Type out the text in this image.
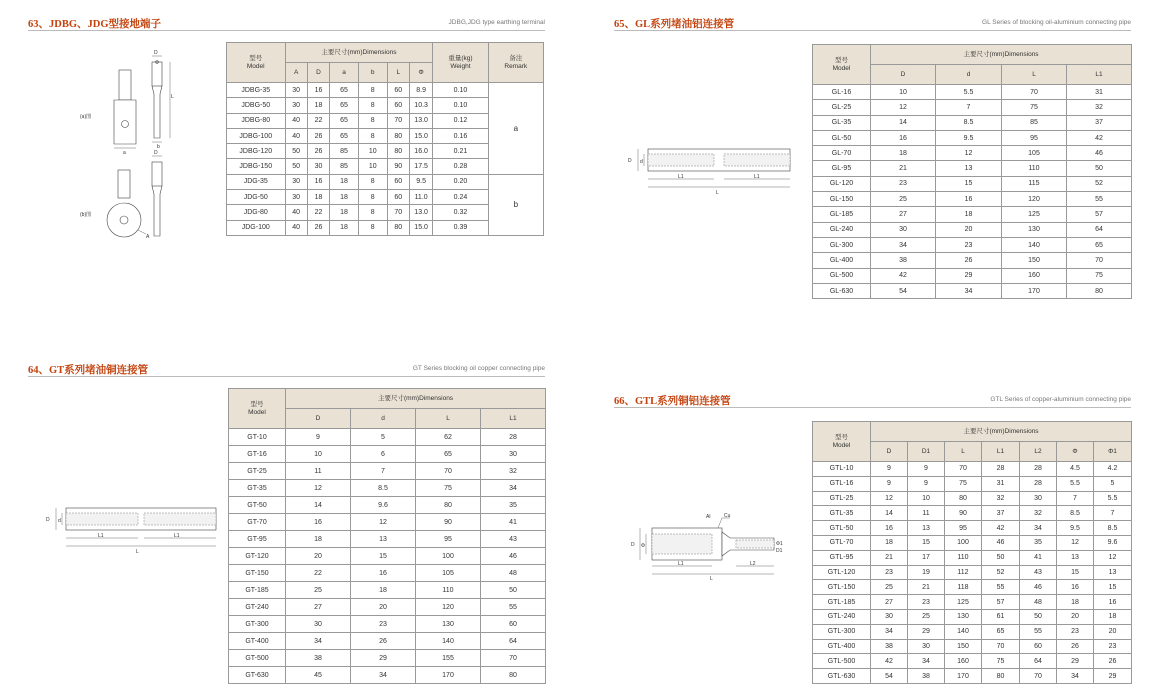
63、JDBG、JDG型接地端子	JDBG,JDG type earthing terminal
D
Φ
L
b
a
(a)图
A
D
(b)图
型号
Model	主要尺寸(mm)Dimensions						重量(kg)
Weight	备注
Remark
	A	D	a	b	L	Φ		
JDBG-35	30	16	65	8	60	8.9	0.10	a
JDBG-50	30	18	65	8	60	10.3	0.10	
JDBG-80	40	22	65	8	70	13.0	0.12	
JDBG-100	40	26	65	8	80	15.0	0.16	
JDBG-120	50	26	85	10	80	16.0	0.21	
JDBG-150	50	30	85	10	90	17.5	0.28	
JDG-35	30	16	18	8	60	9.5	0.20	b
JDG-50	30	18	18	8	60	11.0	0.24	
JDG-80	40	22	18	8	70	13.0	0.32	
JDG-100	40	26	18	8	80	15.0	0.39	
64、GT系列堵油铜连接管	GT Series blocking oil copper connecting pipe
D d
L1	L1
L
型号
Model	主要尺寸(mm)Dimensions			
	D	d	L	L1
GT-10	9	5	62	28
GT-16	10	6	65	30
GT-25	11	7	70	32
GT-35	12	8.5	75	34
GT-50	14	9.6	80	35
GT-70	16	12	90	41
GT-95	18	13	95	43
GT-120	20	15	100	46
GT-150	22	16	105	48
GT-185	25	18	110	50
GT-240	27	20	120	55
GT-300	30	23	130	60
GT-400	34	26	140	64
GT-500	38	29	155	70
GT-630	45	34	170	80
65、GL系列堵油铝连接管	GL Series of blocking oil-aluminium connecting pipe
D d
L1	L1
L
型号
Model	主要尺寸(mm)Dimensions			
	D	d	L	L1
GL-16	10	5.5	70	31
GL-25	12	7	75	32
GL-35	14	8.5	85	37
GL-50	16	9.5	95	42
GL-70	18	12	105	46
GL-95	21	13	110	50
GL-120	23	15	115	52
GL-150	25	16	120	55
GL-185	27	18	125	57
GL-240	30	20	130	64
GL-300	34	23	140	65
GL-400	38	26	150	70
GL-500	42	29	160	75
GL-630	54	34	170	80
66、GTL系列铜铝连接管	GTL Series of copper-aluminium connecting pipe
Al	Cu
D Φ	Φ1
D1
L1	L2
L
型号
Model	主要尺寸(mm)Dimensions						
	D	D1	L	L1	L2	Φ	Φ1
GTL-10	9	9	70	28	28	4.5	4.2
GTL-16	9	9	75	31	28	5.5	5
GTL-25	12	10	80	32	30	7	5.5
GTL-35	14	11	90	37	32	8.5	7
GTL-50	16	13	95	42	34	9.5	8.5
GTL-70	18	15	100	46	35	12	9.6
GTL-95	21	17	110	50	41	13	12
GTL-120	23	19	112	52	43	15	13
GTL-150	25	21	118	55	46	16	15
GTL-185	27	23	125	57	48	18	16
GTL-240	30	25	130	61	50	20	18
GTL-300	34	29	140	65	55	23	20
GTL-400	38	30	150	70	60	26	23
GTL-500	42	34	160	75	64	29	26
GTL-630	54	38	170	80	70	34	29
